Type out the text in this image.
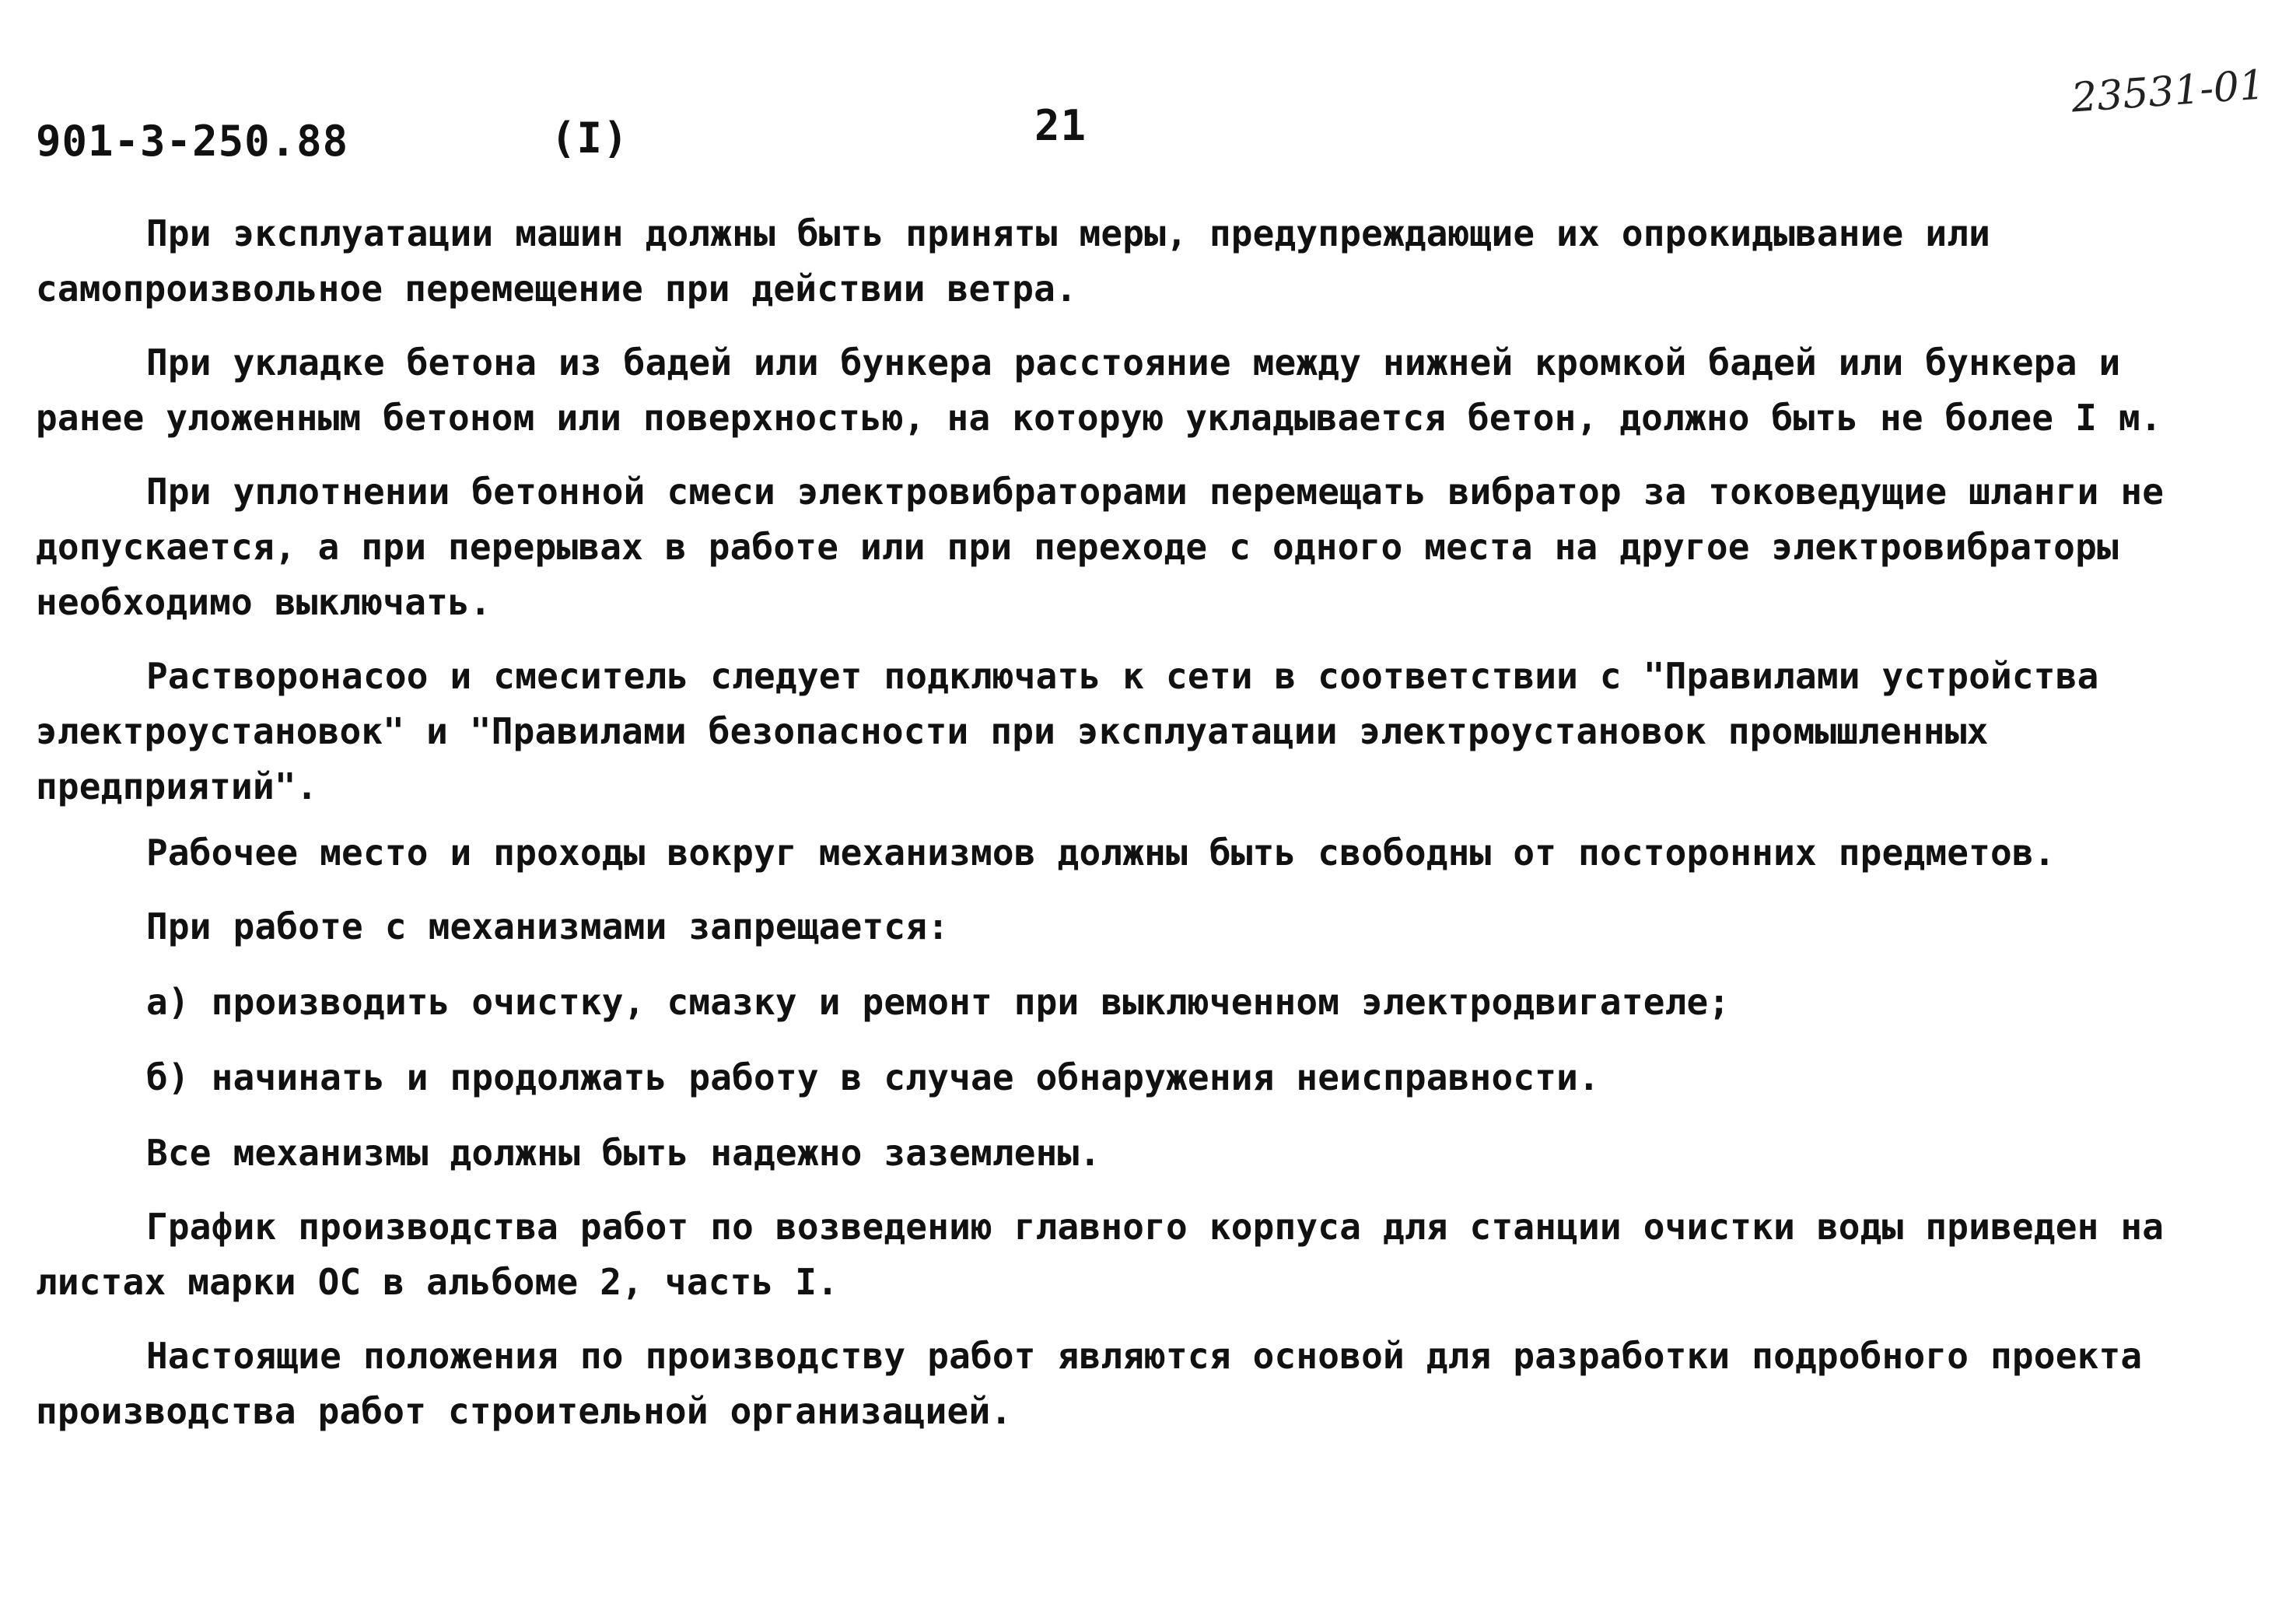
901-3-250.88	(I)	21
23531-01

При эксплуатации машин должны быть приняты меры, предупреждающие их опрокидывание или самопроизвольное перемещение при действии ветра.

При укладке бетона из бадей или бункера расстояние между нижней кромкой бадей или бункера и ранее уложенным бетоном или поверхностью, на которую укладывается бетон, должно быть не более I м.

При уплотнении бетонной смеси электровибраторами перемещать вибратор за токоведущие шланги не допускается, а при перерывах в работе или при переходе с одного места на другое электровибраторы необходимо выключать.

Растворонасоо и смеситель следует подключать к сети в соответствии с "Правилами устройства электроустановок" и "Правилами безопасности при эксплуатации электроустановок промышленных предприятий".

Рабочее место и проходы вокруг механизмов должны быть свободны от посторонних предметов.

При работе с механизмами запрещается:

а) производить очистку, смазку и ремонт при выключенном электродвигателе;

б) начинать и продолжать работу в случае обнаружения неисправности.

Все механизмы должны быть надежно заземлены.

График производства работ по возведению главного корпуса для станции очистки воды приведен на листах марки ОС в альбоме 2, часть I.

Настоящие положения по производству работ являются основой для разработки подробного проекта производства работ строительной организацией.
